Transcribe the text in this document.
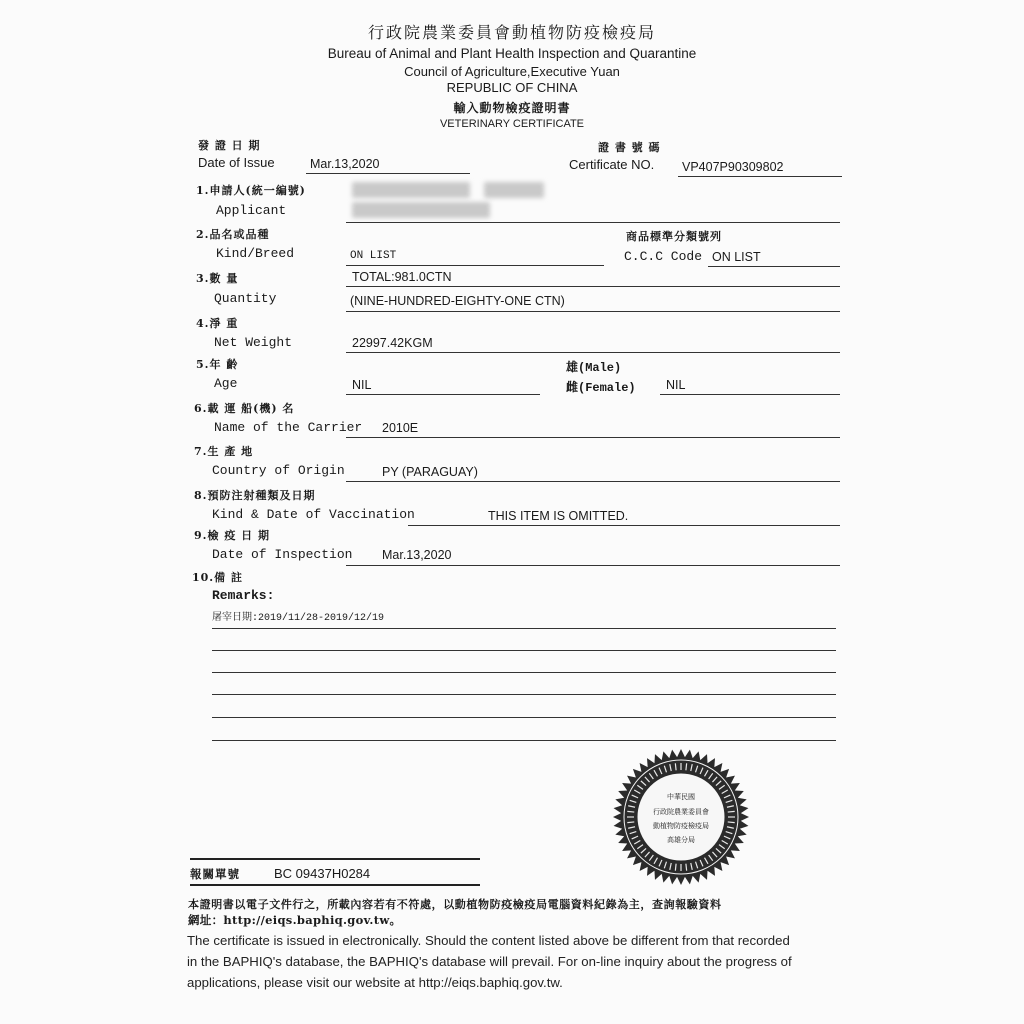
行政院農業委員會動植物防疫檢疫局
Bureau of Animal and Plant Health Inspection and Quarantine
Council of Agriculture,Executive Yuan
REPUBLIC OF CHINA
輸入動物檢疫證明書
VETERINARY CERTIFICATE
發 證 日 期
Date of Issue	Mar.13,2020
證 書 號 碼
Certificate NO. VP407P90309802
1.申請人(統一編號)
Applicant
2.品名或品種
Kind/Breed	ON LIST
商品標準分類號列
C.C.C Code ON LIST
3.數 量
Quantity
TOTAL:981.0CTN
(NINE-HUNDRED-EIGHTY-ONE CTN)
4.淨 重
Net Weight	22997.42KGM
5.年 齡
Age	NIL
雄(Male)
雌(Female) NIL
6.載 運 船(機) 名
Name of the Carrier 2010E
7.生 產 地
Country of Origin	PY (PARAGUAY)
8.預防注射種類及日期
Kind & Date of Vaccination	THIS ITEM IS OMITTED.
9.檢 疫 日 期
Date of Inspection Mar.13,2020
10.備 註
Remarks:
屠宰日期:2019/11/28-2019/12/19
中華民國
行政院農業委員會
動植物防疫檢疫局
高雄分局
報關單號	BC 09437H0284
本證明書以電子文件行之，所載內容若有不符處，以動植物防疫檢疫局電腦資料紀錄為主，查詢報驗資料
網址：http://eiqs.baphiq.gov.tw。
The certificate is issued in electronically. Should the content listed above be different from that recorded
in the BAPHIQ's database, the BAPHIQ's database will prevail. For on-line inquiry about the progress of
applications, please visit our website at http://eiqs.baphiq.gov.tw.
